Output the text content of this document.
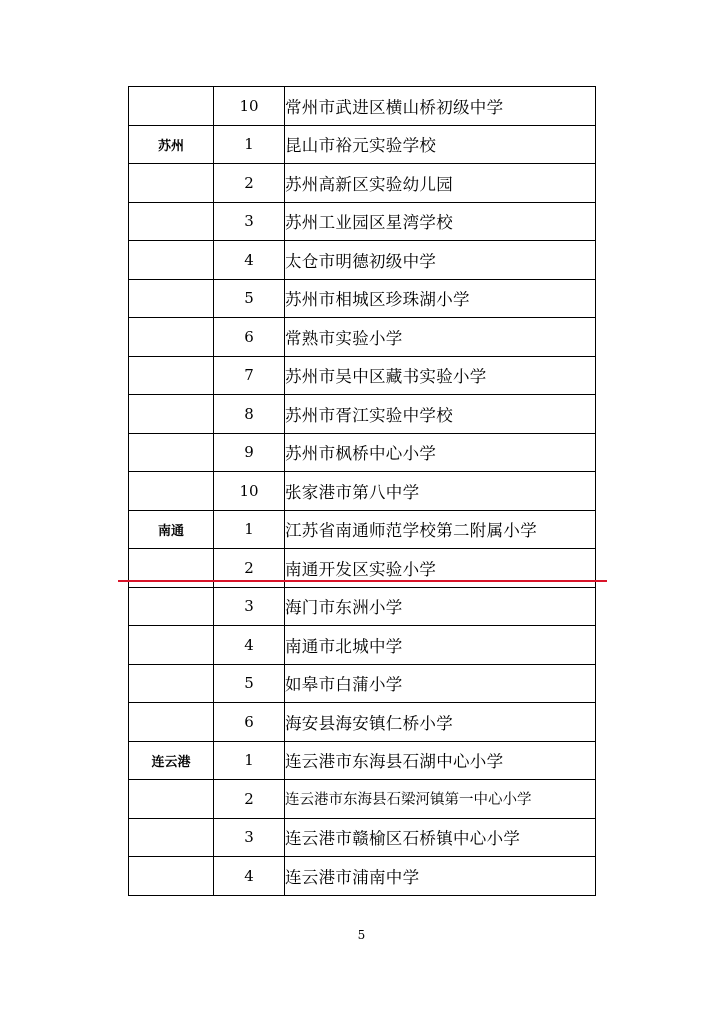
	10	常州市武进区横山桥初级中学
苏州	1	昆山市裕元实验学校
	2	苏州高新区实验幼儿园
	3	苏州工业园区星湾学校
	4	太仓市明德初级中学
	5	苏州市相城区珍珠湖小学
	6	常熟市实验小学
	7	苏州市吴中区藏书实验小学
	8	苏州市胥江实验中学校
	9	苏州市枫桥中心小学
	10	张家港市第八中学
南通	1	江苏省南通师范学校第二附属小学
	2	南通开发区实验小学
	3	海门市东洲小学
	4	南通市北城中学
	5	如皋市白蒲小学
	6	海安县海安镇仁桥小学
连云港	1	连云港市东海县石湖中心小学
	2	连云港市东海县石梁河镇第一中心小学
	3	连云港市赣榆区石桥镇中心小学
	4	连云港市浦南中学
5
